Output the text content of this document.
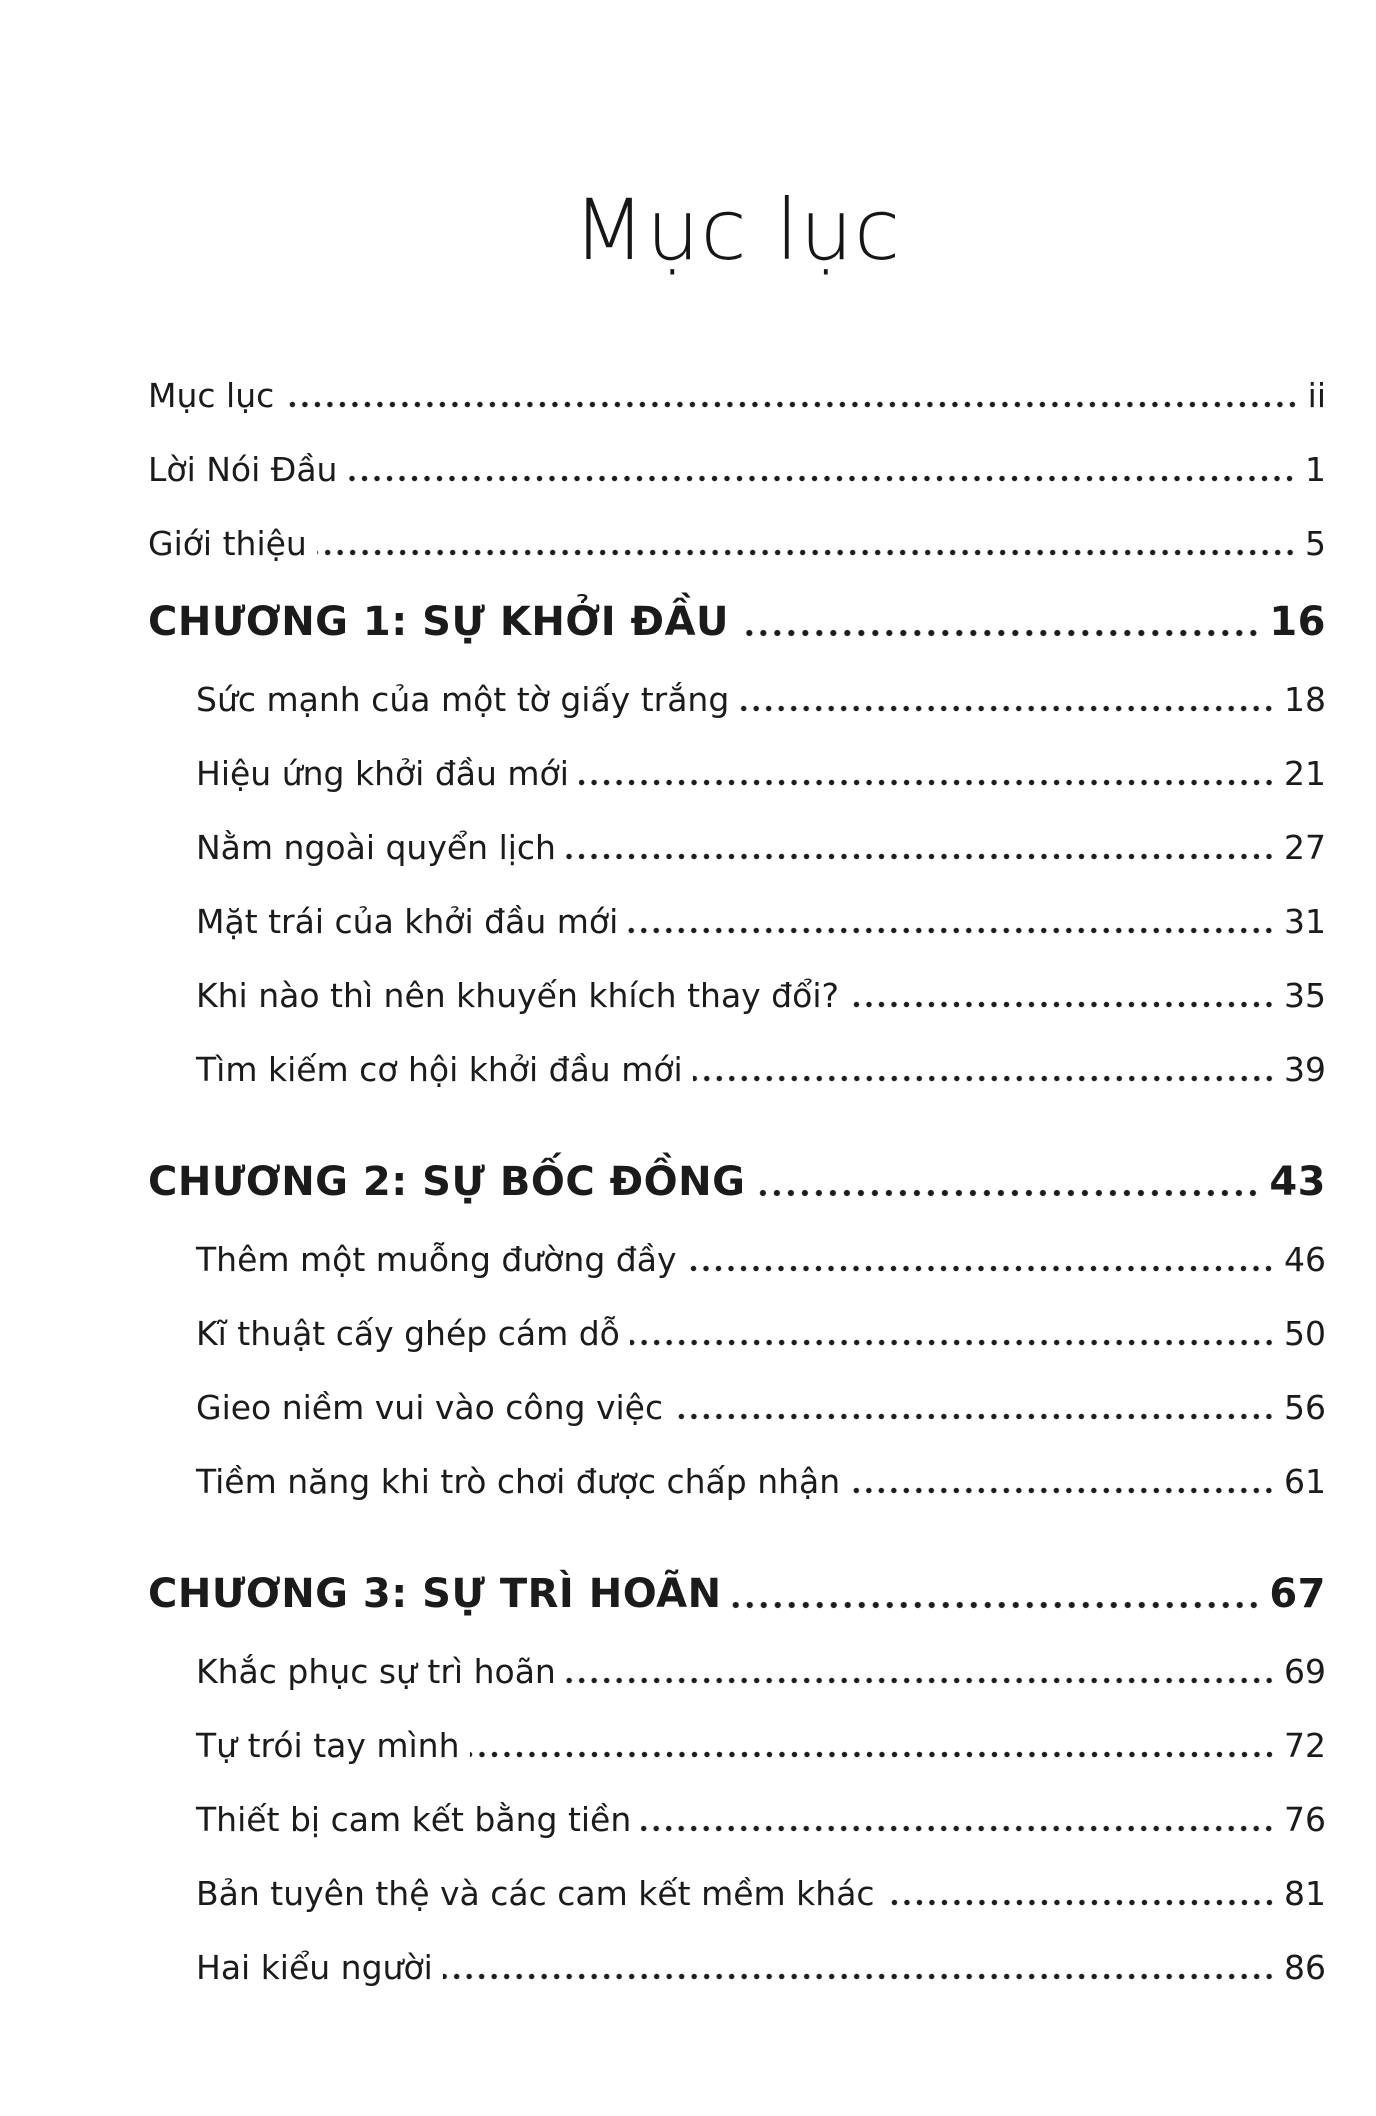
Mục lục
Mục lục	ii
Lời Nói Đầu	1
Giới thiệu	5
CHƯƠNG 1: SỰ KHỞI ĐẦU	16
Sức mạnh của một tờ giấy trắng	18
Hiệu ứng khởi đầu mới	21
Nằm ngoài quyển lịch	27
Mặt trái của khởi đầu mới	31
Khi nào thì nên khuyến khích thay đổi?	35
Tìm kiếm cơ hội khởi đầu mới	39
CHƯƠNG 2: SỰ BỐC ĐỒNG	43
Thêm một muỗng đường đầy	46
Kĩ thuật cấy ghép cám dỗ	50
Gieo niềm vui vào công việc	56
Tiềm năng khi trò chơi được chấp nhận	61
CHƯƠNG 3: SỰ TRÌ HOÃN	67
Khắc phục sự trì hoãn	69
Tự trói tay mình	72
Thiết bị cam kết bằng tiền	76
Bản tuyên thệ và các cam kết mềm khác	81
Hai kiểu người	86
